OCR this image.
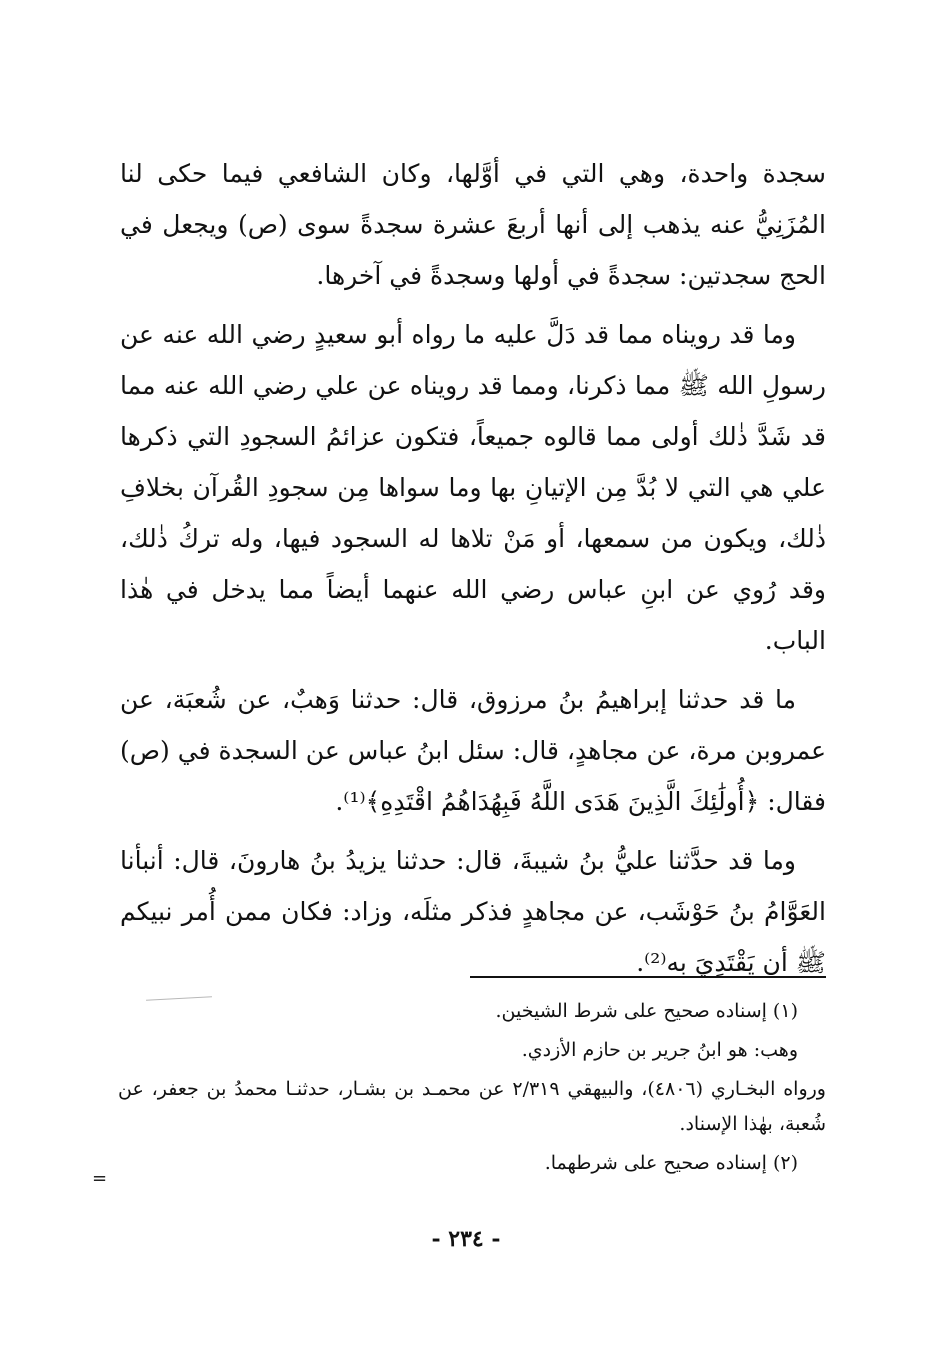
سجدة واحدة، وهي التي في أوَّلها، وكان الشافعي فيما حكى لنا المُزَنِيُّ عنه يذهب إلى أنها أربعَ عشرة سجدةً سوى (ص) ويجعل في الحج سجدتين: سجدةً في أولها وسجدةً في آخرها.

وما قد رويناه مما قد دَلَّ عليه ما رواه أبو سعيدٍ رضي الله عنه عن رسولِ الله ﷺ مما ذكرنا، ومما قد رويناه عن علي رضي الله عنه مما قد شَدَّ ذٰلك أولى مما قالوه جميعاً، فتكون عزائمُ السجودِ التي ذكرها علي هي التي لا بُدَّ مِن الإتيانِ بها وما سواها مِن سجودِ القُرآن بخلافِ ذٰلك، ويكون من سمعها، أو مَنْ تلاها له السجود فيها، وله تركُ ذٰلك، وقد رُوي عن ابنِ عباس رضي الله عنهما أيضاً مما يدخل في هٰذا الباب.

ما قد حدثنا إبراهيمُ بنُ مرزوق، قال: حدثنا وَهبٌ، عن شُعبَة، عن عمروبن مرة، عن مجاهدٍ، قال: سئل ابنُ عباس عن السجدة في (ص) فقال: ﴿أُولَٰئِكَ الَّذِينَ هَدَى اللَّهُ فَبِهُدَاهُمُ اقْتَدِهِ﴾⁽¹⁾.

وما قد حدَّثنا عليُّ بنُ شيبةَ، قال: حدثنا يزيدُ بنُ هارونَ، قال: أنبأنا العَوَّامُ بنُ حَوْشَب، عن مجاهدٍ فذكر مثلَه، وزاد: فكان ممن أُمر نبيكم ﷺ أن يَقْتَدِيَ به⁽²⁾.

(١) إسناده صحيح على شرط الشيخين.

وهب: هو ابنُ جرير بن حازم الأزدي.

ورواه البخـاري (٤٨٠٦)، والبيهقي ٢/٣١٩ عن محمـد بن بشـار، حدثنـا محمدُ بن جعفر، عن شُعبة، بهٰذا الإسناد.

(٢) إسناده صحيح على شرطهما.

=
- ٢٣٤ -
